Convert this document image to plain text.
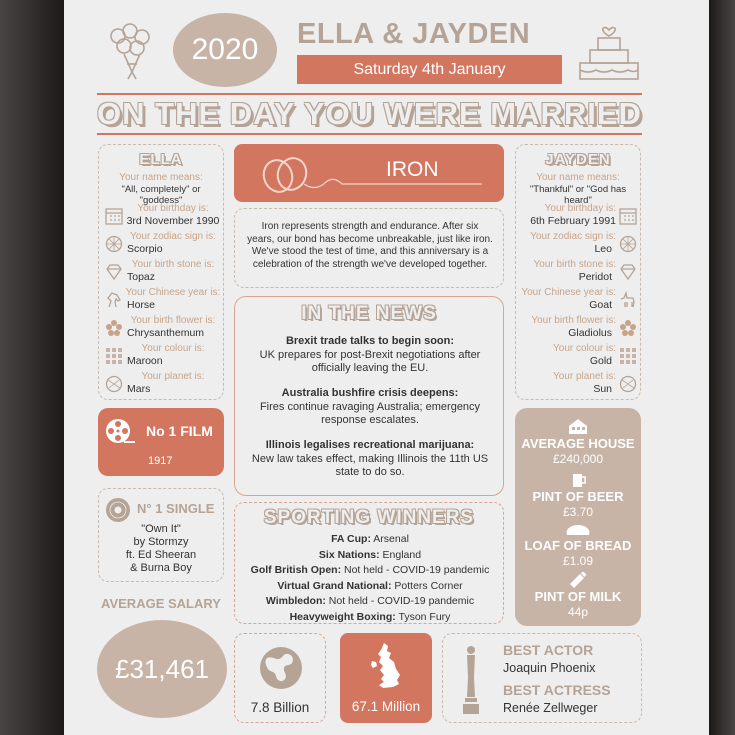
2020	ELLA & JAYDEN
Saturday 4th January
ON THE DAY YOU WERE MARRIED
ELLA
Your name means:
"All, completely" or "goddess"
Your birthday is:
3rd November 1990
Your zodiac sign is:
Scorpio
Your birth stone is:
Topaz
Your Chinese year is:
Horse
Your birth flower is:
Chrysanthemum
Your colour is:
Maroon
Your planet is:
Mars
IRON
Iron represents strength and endurance. After six years, our bond has become unbreakable, just like iron. We've stood the test of time, and this anniversary is a celebration of the strength we've developed together.
JAYDEN
Your name means:
"Thankful" or "God has heard"
Your birthday is:
6th February 1991
Your zodiac sign is:
Leo
Your birth stone is:
Peridot
Your Chinese year is:
Goat
Your birth flower is:
Gladiolus
Your colour is:
Gold
Your planet is:
Sun
IN THE NEWS
Brexit trade talks to begin soon:
UK prepares for post-Brexit negotiations after officially leaving the EU.
Australia bushfire crisis deepens:
Fires continue ravaging Australia; emergency response escalates.
Illinois legalises recreational marijuana:
New law takes effect, making Illinois the 11th US state to do so.
No 1 FILM
1917
N° 1 SINGLE
"Own It"
by Stormzy
ft. Ed Sheeran
& Burna Boy
AVERAGE SALARY
£31,461
SPORTING WINNERS
FA Cup: Arsenal
Six Nations: England
Golf British Open: Not held - COVID-19 pandemic
Virtual Grand National: Potters Corner
Wimbledon: Not held - COVID-19 pandemic
Heavyweight Boxing: Tyson Fury
AVERAGE HOUSE
£240,000
PINT OF BEER
£3.70
LOAF OF BREAD
£1.09
PINT OF MILK
44p
7.8 Billion	67.1 Million
BEST ACTOR
Joaquin Phoenix
BEST ACTRESS
Renée Zellweger
